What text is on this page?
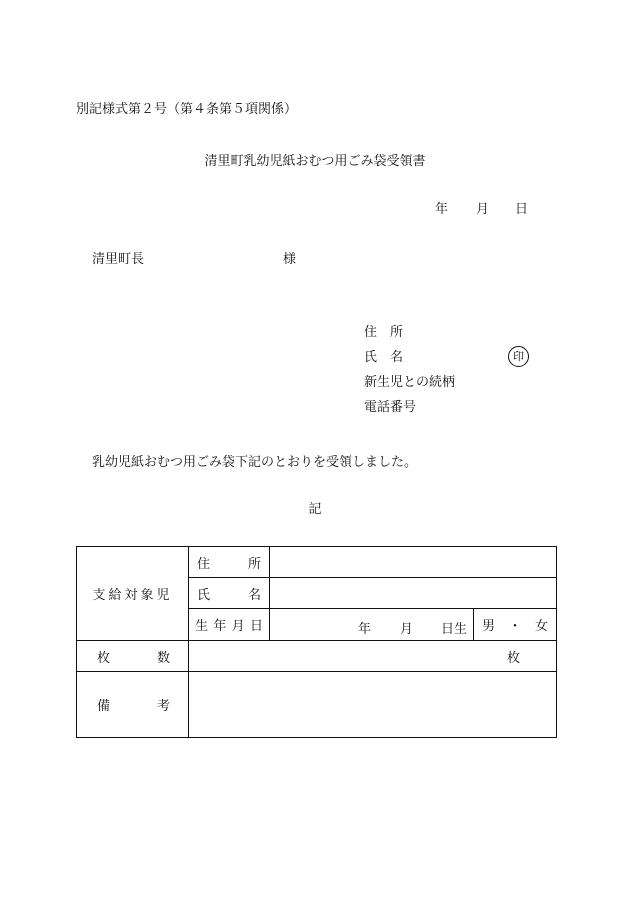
別記様式第２号（第４条第５項関係）
清里町乳幼児紙おむつ用ごみ袋受領書
年 月 日
清里町長	様
住　所
氏　名	印
新生児との続柄
電話番号
乳幼児紙おむつ用ごみ袋下記のとおりを受領しました。
記
支給対象児	住 所		

	氏 名		

	生 年 月 日	年 月 日生	男 ・ 女

枚 数	枚		

備 考			
